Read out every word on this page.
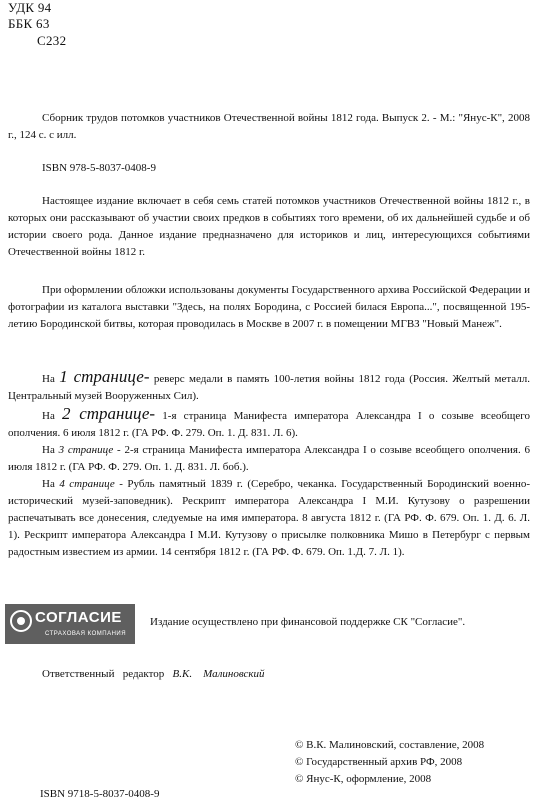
УДК 94
ББК 63
С232

Сборник трудов потомков участников Отечественной войны 1812 года. Выпуск 2. - М.: "Янус-К", 2008 г., 124 с. с илл.

ISBN 978-5-8037-0408-9

Настоящее издание включает в себя семь статей потомков участников Отечественной войны 1812 г., в которых они рассказывают об участии своих предков в событиях того времени, об их дальнейшей судьбе и об истории своего рода. Данное издание предназначено для историков и лиц, интересующихся событиями Отечественной войны 1812 г.

При оформлении обложки использованы документы Государственного архива Российской Федерации и фотографии из каталога выставки "Здесь, на полях Бородина, с Россией билася Европа...", посвященной 195-летию Бородинской битвы, которая проводилась в Москве в 2007 г. в помещении МГВЗ "Новый Манеж".

На 1 странице- реверс медали в память 100-летия войны 1812 года (Россия. Желтый металл. Центральный музей Вооруженных Сил).

На 2 странице- 1-я страница Манифеста императора Александра I о созыве всеобщего ополчения. 6 июля 1812 г. (ГА РФ. Ф. 279. Оп. 1. Д. 831. Л. 6).

На 3 странице - 2-я страница Манифеста императора Александра I о созыве всеобщего ополчения. 6 июля 1812 г. (ГА РФ. Ф. 279. Оп. 1. Д. 831. Л. боб.).

На 4 странице - Рубль памятный 1839 г. (Серебро, чеканка. Государственный Бородинский военно-исторический музей-заповедник). Рескрипт императора Александра I М.И. Кутузову о разрешении распечатывать все донесения, следуемые на имя императора. 8 августа 1812 г. (ГА РФ. Ф. 679. Оп. 1. Д. 6. Л. 1). Рескрипт императора Александра I М.И. Кутузову о присылке полковника Мишо в Петербург с первым радостным известием из армии. 14 сентября 1812 г. (ГА РФ. Ф. 679. Оп. 1.Д. 7. Л. 1).

СОГЛАСИЕ
СТРАХОВАЯ КОМПАНИЯ
Издание осуществлено при финансовой поддержке СК "Согласие".
Ответственный   редактор В.К. Малиновский
© В.К. Малиновский, составление, 2008
© Государственный архив РФ, 2008
© Янус-К, оформление, 2008
ISBN 9718-5-8037-0408-9
